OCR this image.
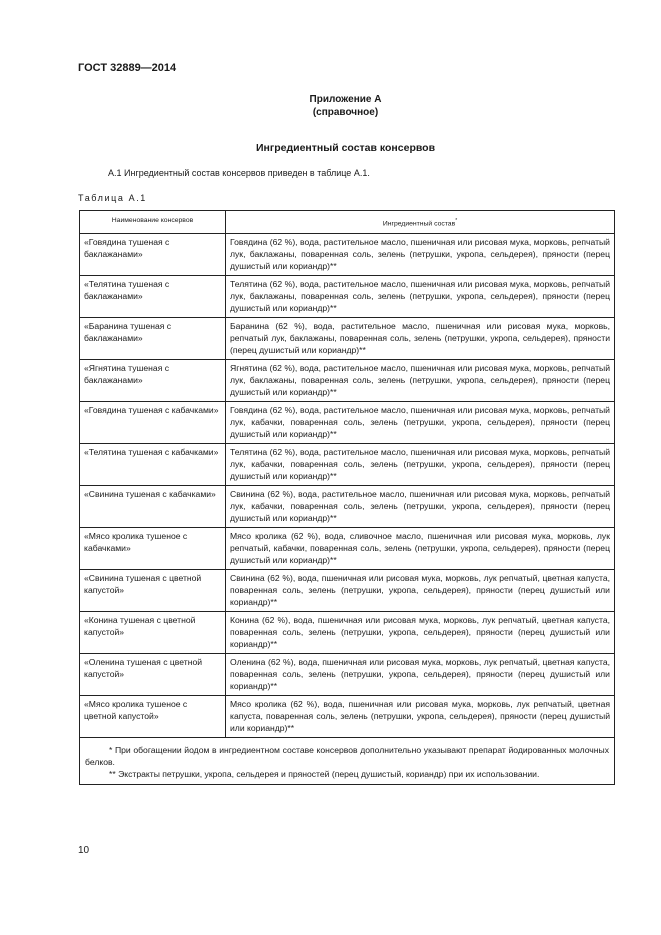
ГОСТ 32889—2014
Приложение А
(справочное)
Ингредиентный состав консервов
А.1 Ингредиентный состав консервов приведен в таблице А.1.
Таблица А.1
Наименование консервов	Ингредиентный состав*
«Говядина тушеная с баклажанами»	Говядина (62 %), вода, растительное масло, пшеничная или рисовая мука, морковь, репчатый лук, баклажаны, поваренная соль, зелень (петрушки, укропа, сельдерея), пряности (перец душистый или кориандр)**
«Телятина тушеная с баклажанами»	Телятина (62 %), вода, растительное масло, пшеничная или рисовая мука, морковь, репчатый лук, баклажаны, поваренная соль, зелень (петрушки, укропа, сельдерея), пряности (перец душистый или кориандр)**
«Баранина тушеная с баклажанами»	Баранина (62 %), вода, растительное масло, пшеничная или рисовая мука, морковь, репчатый лук, баклажаны, поваренная соль, зелень (петрушки, укропа, сельдерея), пряности (перец душистый или кориандр)**
«Ягнятина тушеная с баклажанами»	Ягнятина (62 %), вода, растительное масло, пшеничная или рисовая мука, морковь, репчатый лук, баклажаны, поваренная соль, зелень (петрушки, укропа, сельдерея), пряности (перец душистый или кориандр)**
«Говядина тушеная с кабачками»	Говядина (62 %), вода, растительное масло, пшеничная или рисовая мука, морковь, репчатый лук, кабачки, поваренная соль, зелень (петрушки, укропа, сельдерея), пряности (перец душистый или кориандр)**
«Телятина тушеная с кабачками»	Телятина (62 %), вода, растительное масло, пшеничная или рисовая мука, морковь, репчатый лук, кабачки, поваренная соль, зелень (петрушки, укропа, сельдерея), пряности (перец душистый или кориандр)**
«Свинина тушеная с кабачками»	Свинина (62 %), вода, растительное масло, пшеничная или рисовая мука, морковь, репчатый лук, кабачки, поваренная соль, зелень (петрушки, укропа, сельдерея), пряности (перец душистый или кориандр)**
«Мясо кролика тушеное с кабачками»	Мясо кролика (62 %), вода, сливочное масло, пшеничная или рисовая мука, морковь, лук репчатый, кабачки, поваренная соль, зелень (петрушки, укропа, сельдерея), пряности (перец душистый или кориандр)**
«Свинина тушеная с цветной капустой»	Свинина (62 %), вода, пшеничная или рисовая мука, морковь, лук репчатый, цветная капуста, поваренная соль, зелень (петрушки, укропа, сельдерея), пряности (перец душистый или кориандр)**
«Конина тушеная с цветной капустой»	Конина (62 %), вода, пшеничная или рисовая мука, морковь, лук репчатый, цветная капуста, поваренная соль, зелень (петрушки, укропа, сельдерея), пряности (перец душистый или кориандр)**
«Оленина тушеная с цветной капустой»	Оленина (62 %), вода, пшеничная или рисовая мука, морковь, лук репчатый, цветная капуста, поваренная соль, зелень (петрушки, укропа, сельдерея), пряности (перец душистый или кориандр)**
«Мясо кролика тушеное с цветной капустой»	Мясо кролика (62 %), вода, пшеничная или рисовая мука, морковь, лук репчатый, цветная капуста, поваренная соль, зелень (петрушки, укропа, сельдерея), пряности (перец душистый или кориандр)**

* При обогащении йодом в ингредиентном составе консервов дополнительно указывают препарат йодированных молочных белков.
** Экстракты петрушки, укропа, сельдерея и пряностей (перец душистый, кориандр) при их использовании.	
10
